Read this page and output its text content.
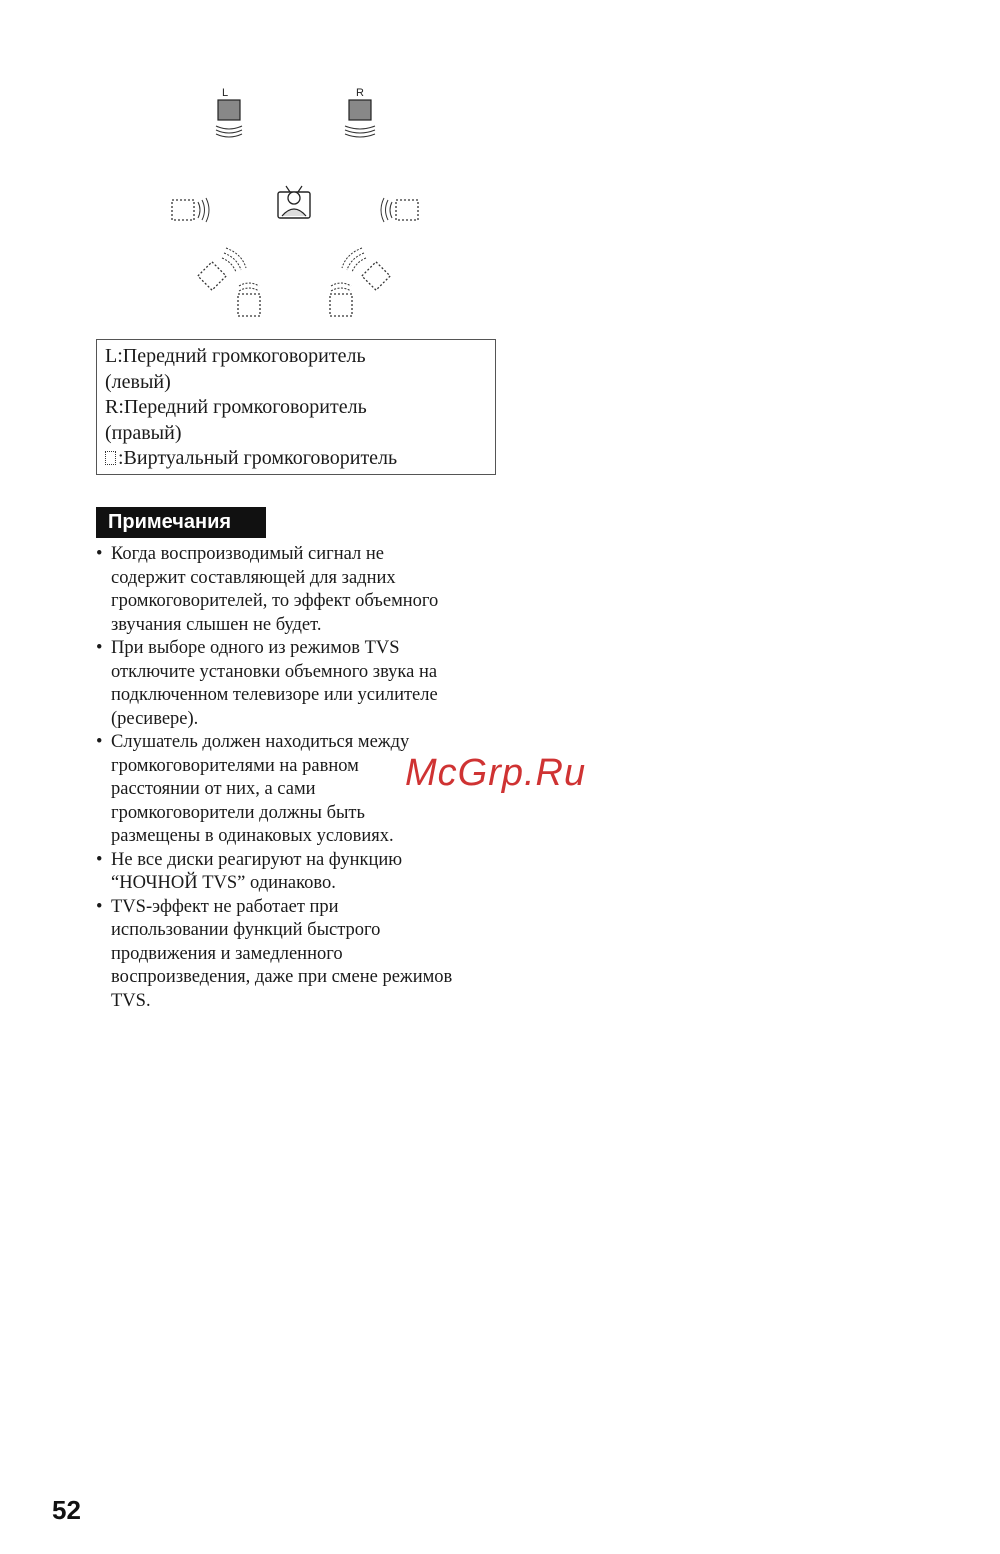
L	R
L:Передний громкоговоритель
(левый)
R:Передний громкоговоритель
(правый)
:Виртуальный громкоговоритель
Примечания
• Когда воспроизводимый сигнал не
содержит составляющей для задних
громкоговорителей, то эффект объемного
звучания слышен не будет.
• При выборе одного из режимов TVS
отключите установки объемного звука на
подключенном телевизоре или усилителе
(ресивере).
• Слушатель должен находиться между
громкоговорителями на равном
расстоянии от них, а сами
громкоговорители должны быть
размещены в одинаковых условиях.
• Не все диски реагируют на функцию
“НОЧНОЙ TVS” одинаково.
• TVS-эффект не работает при
использовании функций быстрого
продвижения и замедленного
воспроизведения, даже при смене режимов
TVS.
McGrp.Ru
52
